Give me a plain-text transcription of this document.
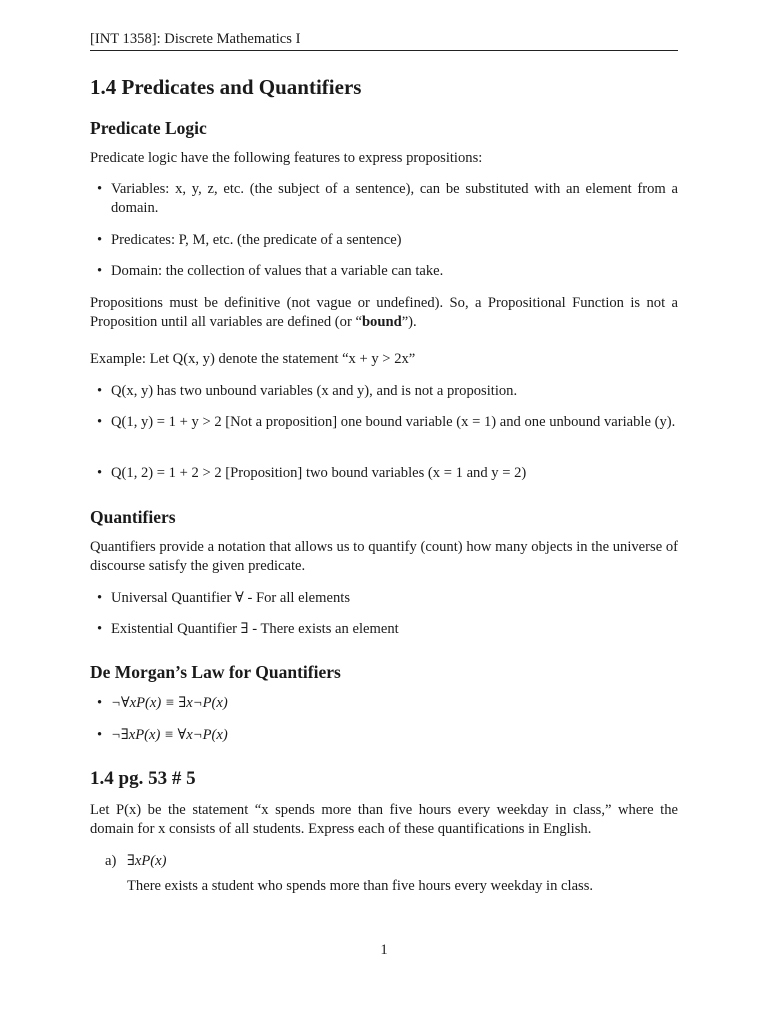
[INT 1358]: Discrete Mathematics I
1.4 Predicates and Quantifiers
Predicate Logic
Predicate logic have the following features to express propositions:
• Variables: x, y, z, etc. (the subject of a sentence), can be substituted with an element from a domain.
• Predicates: P, M, etc. (the predicate of a sentence)
• Domain: the collection of values that a variable can take.
Propositions must be definitive (not vague or undefined). So, a Propositional Function is not a Proposition until all variables are defined (or “bound”).
Example: Let Q(x, y) denote the statement “x + y > 2x”
• Q(x, y) has two unbound variables (x and y), and is not a proposition.
• Q(1, y) = 1 + y > 2 [Not a proposition] one bound variable (x = 1) and one unbound variable (y).
• Q(1, 2) = 1 + 2 > 2 [Proposition] two bound variables (x = 1 and y = 2)
Quantifiers
Quantifiers provide a notation that allows us to quantify (count) how many objects in the universe of discourse satisfy the given predicate.
• Universal Quantifier ∀ - For all elements
• Existential Quantifier ∃ - There exists an element
De Morgan’s Law for Quantifiers
• ¬∀xP(x) ≡ ∃x¬P(x)
• ¬∃xP(x) ≡ ∀x¬P(x)
1.4 pg. 53 # 5
Let P(x) be the statement “x spends more than five hours every weekday in class,” where the domain for x consists of all students. Express each of these quantifications in English.
a) ∃xP(x)
There exists a student who spends more than five hours every weekday in class.
1
